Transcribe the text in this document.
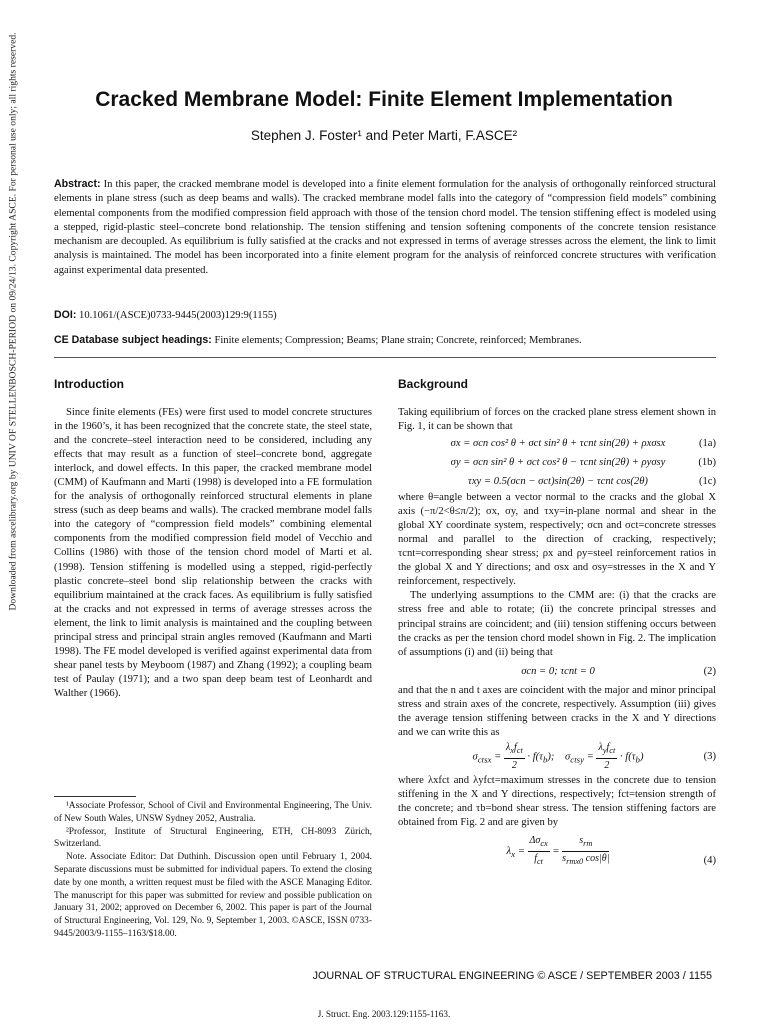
Downloaded from ascelibrary.org by UNIV OF STELLENBOSCH-PERIOD on 09/24/13. Copyright ASCE. For personal use only; all rights reserved.	Cracked Membrane Model: Finite Element Implementation
Stephen J. Foster¹ and Peter Marti, F.ASCE²
Abstract: In this paper, the cracked membrane model is developed into a finite element formulation for the analysis of orthogonally reinforced structural elements in plane stress (such as deep beams and walls). The cracked membrane model falls into the category of “compression field models” combining elemental components from the modified compression field approach with those of the tension chord model. The tension stiffening effect is modeled using a stepped, rigid-plastic steel–concrete bond relationship. The tension stiffening and tension softening components of the concrete tension resistance mechanism are decoupled. As equilibrium is fully satisfied at the cracks and not expressed in terms of average stresses across the element, the link to limit analysis is maintained. The model has been incorporated into a finite element program for the analysis of reinforced concrete structures with verification against experimental data presented.
DOI: 10.1061/(ASCE)0733-9445(2003)129:9(1155)
CE Database subject headings: Finite elements; Compression; Beams; Plane strain; Concrete, reinforced; Membranes.
Introduction	Background

Since finite elements (FEs) were first used to model concrete structures in the 1960’s, it has been recognized that the concrete state, the steel state, and the concrete–steel interaction need to be considered, including any effects that may result as a function of steel–concrete bond, aggregate interlock, and dowel effects. In this paper, the cracked membrane model (CMM) of Kaufmann and Marti (1998) is developed into a FE formulation for the analysis of orthogonally reinforced structural elements in plane stress (such as deep beams and walls). The cracked membrane model falls into the category of “compression field models” combining elemental components from the modified compression field model of Vecchio and Collins (1986) with those of the tension chord model of Marti et al. (1998). Tension stiffening is modelled using a stepped, rigid-perfectly plastic concrete–steel bond slip relationship between the cracks with equilibrium maintained at the crack faces. As equilibrium is fully satisfied at the cracks and not expressed in terms of average stresses across the element, the link to limit analysis is maintained and the coupling between principal stress and principal strain angles removed (Kaufmann and Marti 1998). The FE model developed is verified against experimental data from shear panel tests by Meyboom (1987) and Zhang (1992); a coupling beam test of Paulay (1971); and a two span deep beam test of Leonhardt and Walther (1966).

¹Associate Professor, School of Civil and Environmental Engineering, The Univ. of New South Wales, UNSW Sydney 2052, Australia.

²Professor, Institute of Structural Engineering, ETH, CH-8093 Zürich, Switzerland.

Note. Associate Editor: Dat Duthinh. Discussion open until February 1, 2004. Separate discussions must be submitted for individual papers. To extend the closing date by one month, a written request must be filed with the ASCE Managing Editor. The manuscript for this paper was submitted for review and possible publication on January 31, 2002; approved on December 6, 2002. This paper is part of the Journal of Structural Engineering, Vol. 129, No. 9, September 1, 2003. ©ASCE, ISSN 0733-9445/2003/9-1155–1163/$18.00.

Taking equilibrium of forces on the cracked plane stress element shown in Fig. 1, it can be shown that

σx = σcn cos² θ + σct sin² θ + τcnt sin(2θ) + ρxσsx	(1a)
σy = σcn sin² θ + σct cos² θ − τcnt sin(2θ) + ρyσsy	(1b)
τxy = 0.5(σcn − σct)sin(2θ) − τcnt cos(2θ)	(1c)

where θ=angle between a vector normal to the cracks and the global X axis (−π/2<θ≤π/2); σx, σy, and τxy=in-plane normal and shear in the global XY coordinate system, respectively; σcn and σct=concrete stresses normal and parallel to the direction of cracking, respectively; τcnt=corresponding shear stress; ρx and ρy=steel reinforcement ratios in the global X and Y directions; and σsx and σsy=stresses in the X and Y reinforcement, respectively.

The underlying assumptions to the CMM are: (i) that the cracks are stress free and able to rotate; (ii) the concrete principal stresses and principal strains are coincident; and (iii) tension stiffening occurs between the cracks as per the tension chord model shown in Fig. 2. The implication of assumptions (i) and (ii) being that

σcn = 0; τcnt = 0	(2)

and that the n and t axes are coincident with the major and minor principal stress and strain axes of the concrete, respectively. Assumption (iii) gives the average tension stiffening between cracks in the X and Y directions and we can write this as

$\sigma_{ctsx} = \frac{\lambda_xf_{ct}}{2} \cdot f(\tau_b)$;    $\sigma_{ctsy} = \frac{\lambda_yf_{ct}}{2} \cdot f(\tau_b)$	(3)

where λxfct and λyfct=maximum stresses in the concrete due to tension stiffening in the X and Y directions, respectively; fct=tension strength of the concrete; and τb=bond shear stress. The tension stiffening factors are obtained from Fig. 2 and are given by

$\lambda_x = \frac{\Delta\sigma_{cx}}{f_{ct}} = \frac{s_{rm}}{s_{rmx0} \cos|\theta|}$	(4)
JOURNAL OF STRUCTURAL ENGINEERING © ASCE / SEPTEMBER 2003 / 1155
J. Struct. Eng. 2003.129:1155-1163.
